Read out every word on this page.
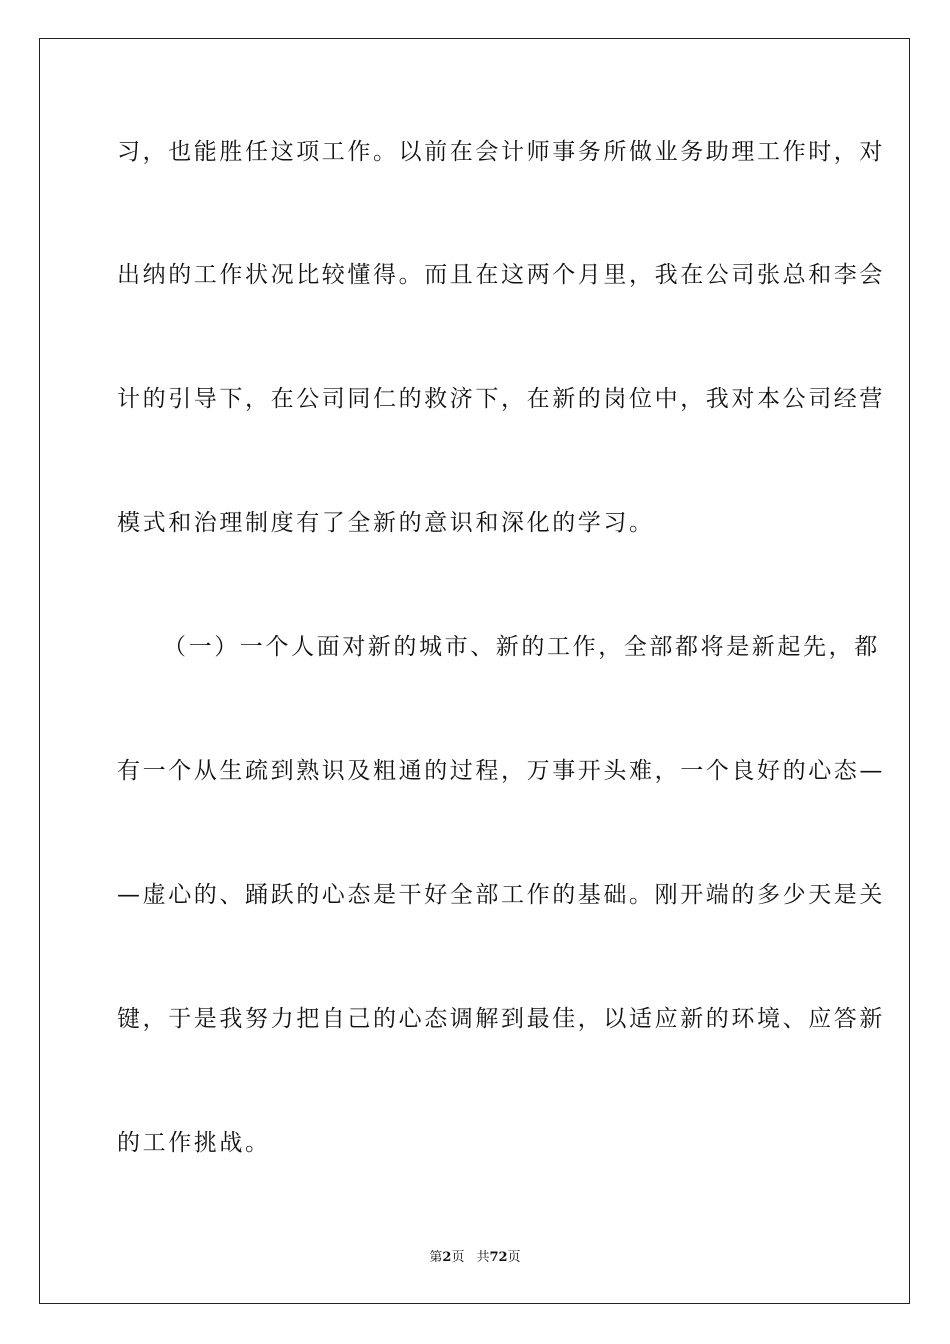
习，也能胜任这项工作。以前在会计师事务所做业务助理工作时，对
出纳的工作状况比较懂得。而且在这两个月里，我在公司张总和李会
计的引导下，在公司同仁的救济下，在新的岗位中，我对本公司经营
模式和治理制度有了全新的意识和深化的学习。
（一）一个人面对新的城市、新的工作，全部都将是新起先，都
有一个从生疏到熟识及粗通的过程，万事开头难，一个良好的心态—
—虚心的、踊跃的心态是干好全部工作的基础。刚开端的多少天是关
键，于是我努力把自己的心态调解到最佳，以适应新的环境、应答新
的工作挑战。
第2页 共72页
